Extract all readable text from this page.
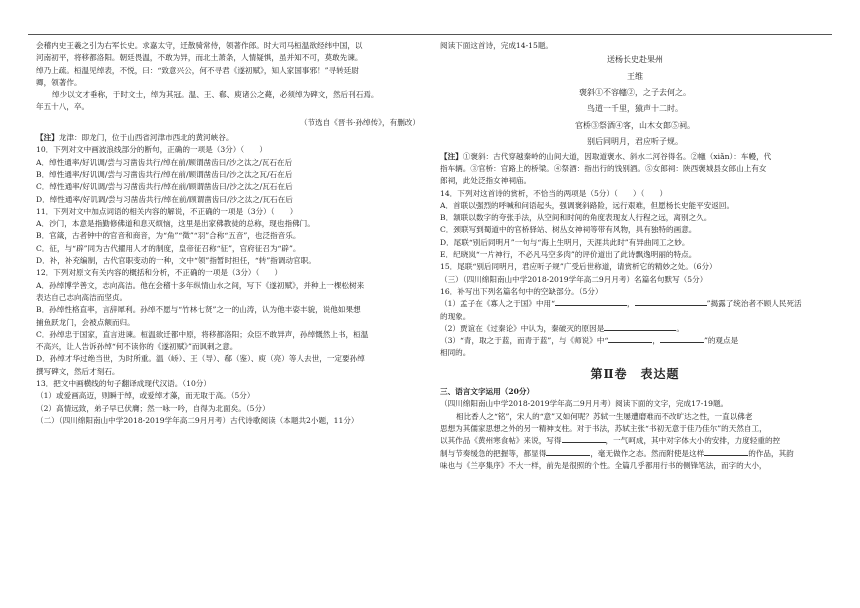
会稽内史王羲之引为右军长史。求嘉太守，迁散骑常侍，领著作郎。时大司马桓温欲经纬中国，以

河南初平，将移都洛阳。朝廷畏温，不敢为异，而北土萧条，人情疑惧，虽并知不可，莫敢先谏。

绰乃上疏。桓温见绰表，不悦，曰：“致意兴公，何不寻君《遂初赋》，知人家国事邪！”寻转廷尉

卿，领著作。

绰少以文才垂称，于时文士，绰为其冠。温、王、郗、庾诸公之薨，必须绰为碑文，然后刊石焉。

年五十八，卒。

（节选自《晋书·孙绰传》，有删改）

【注】龙津：即龙门，位于山西省河津市西北的黄河峡谷。

10．下列对文中画波浪线部分的断句，正确的一项是（3分）（　　）

A．绰性通率/好讥调/尝与习凿齿共行/绰在前/顾谓凿齿曰/沙之汰之/瓦石在后

B．绰性通率/好讥调/尝与习凿齿共行/绰在前/顾谓凿齿曰/沙之汰之瓦/石在后

C．绰性通率/好讥调/尝与习凿齿共行/绰在前/顾谓凿齿曰/沙之汰之/瓦石在后

D．绰性通率/好讥调/尝与习凿齿共行/绰在前/顾谓凿齿曰/沙之汰之/瓦石在后

11．下列对文中加点词语的相关内容的解说，不正确的一项是（3分）（　　）

A．沙门，本意是指勤修佛道和息灭烦恼，这里是出家佛教徒的总称，现也指佛门。

B．官箴，古者钟中的官音和商音，为“角”“徵”“羽”合称“五音”，也泛指音乐。

C．征，与“辟”同为古代擢用人才的制度，皇帝征召称“征”，官府征召为“辟”。

D．补，补充编制，古代官职变动的一种，文中“领”指暂时担任，“转”指调动官职。

12．下列对原文有关内容的概括和分析，不正确的一项是（3分）（　　）

A．孙绰博学善文，志向高洁。他在会稽十多年纵情山水之间，写下《遂初赋》，并种上一棵松树来

表达自己志向高洁而坚贞。

B．孙绰性格直率，言辞犀利。孙绰不愿与“竹林七贤”之一的山涛，认为他丰姿丰貌，说他如果想

捕鱼跃龙门，会被点额而归。

C．孙绰忠于国家，直言进谏。桓温欲迁都中原，将移都洛阳；众臣不敢异声，孙绰慨然上书，桓温

不高兴，让人告诉孙绰“何不读你的《遂初赋》”而讽刺之意。

D．孙绰才华过绝当世，为时所重。温（峤）、王（导）、郗（鉴）、庾（亮）等人去世，一定要孙绰

撰写碑文，然后才刻石。

13．把文中画横线的句子翻译成现代汉语。（10分）

（1）或爱画高迈，则瞬于绰，或爱绰才藻，而无取于高。（5分）

（2）高情远致，弟子早已伏膺；然一咏一吟，自得为北面矣。（5分）

（二）（四川绵阳南山中学2018-2019学年高二9月月考）古代诗歌阅读（本题共2小题，11分）

阅读下面这首诗，完成14-15题。

送杨长史赴果州

王维

褒斜①不容幰②，之子去何之。

鸟道一千里，猿声十二时。

官桥③祭酒④客，山木女郎⑤祠。

别后同明月，君应听子规。

【注】①褒斜：古代穿越秦岭的山间大道，因取道褒水、斜水二河谷得名。②幰（xiǎn）：车幔，代

指车辆。③官桥：官路上的桥梁。④祭酒：指出行的饯别酒。⑤女郎祠：陕西褒城县女郎山上有女

郎祠，此处泛指女神祠庙。

14．下列对这首诗的赏析，不恰当的两项是（5分）（　　）（　　）

A．首联以强烈的呼喊和问语起头，强调褒斜路险，远行艰难，但愿杨长史能平安返回。

B．颔联以数字的夸张手法，从空间和时间的角度表现友人行程之远，离别之久。

C．颈联写到蜀道中的官桥驿站、树丛女神祠等带有风物，具有独特的画意。

D．尾联“别后同明月”一句与“海上生明月，天涯共此时”有异曲同工之妙。

E．纪晓岚“一片神行，不必凡马空多肉”的评价道出了此诗飘逸明丽的特点。

15．尾联“别后同明月，君应听子规”广受后世称道，请赏析它的精妙之处。（6分）

（三）（四川绵阳南山中学2018-2019学年高二9月月考）名篇名句默写（5分）

16．补写出下列名篇名句中的空缺部分。（5分）

（1）孟子在《寡人之于国》中用“	，	”揭露了统治者不顾人民死活

的现象。

（2）贾谊在《过秦论》中认为，秦破灭的原因是	。

（3）“青，取之于蓝，而青于蓝”，与《师说》中“	，	”的观点是

相同的。

第Ⅱ卷　表达题

三、语言文字运用（20分）

（四川绵阳南山中学2018-2019学年高二9月月考）阅读下面的文字，完成17-19题。

相比香人之“铭”，宋人的“意”又如何呢？苏轼一生屡遭磨难而不改旷达之性，一直以佛老

思想为其儒家思想之外的另一精神支柱。对于书法，苏轼主张“书初无意于佳乃佳尔”的天然自工，

以其作品《黄州寒食帖》来说，写得	，一气呵成，其中对字体大小的安排，力度轻重的控

制与节奏缓急的把握等，都显得	，毫无做作之态。然而附使是这样	的作品，其韵

味也与《兰亭集序》不大一样，前先是很照的个性。全篇几乎都用行书的侧锋笔法，而字的大小，
